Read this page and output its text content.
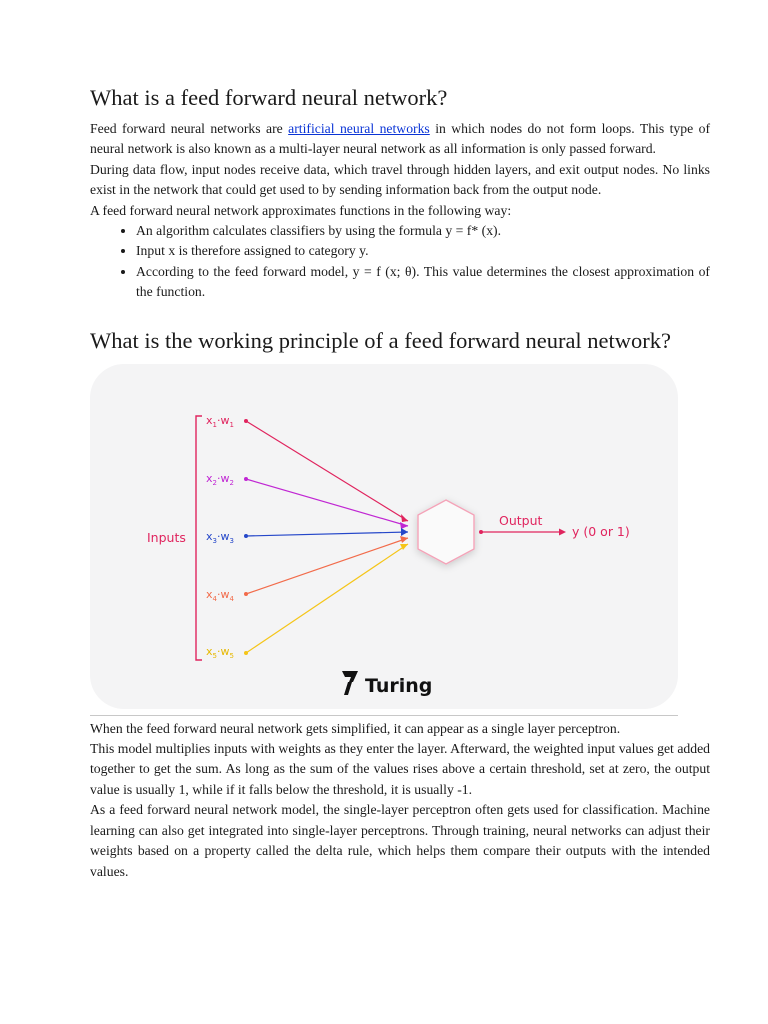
What is a feed forward neural network?

Feed forward neural networks are artificial neural networks in which nodes do not form loops. This type of neural network is also known as a multi-layer neural network as all information is only passed forward.

During data flow, input nodes receive data, which travel through hidden layers, and exit output nodes. No links exist in the network that could get used to by sending information back from the output node.

A feed forward neural network approximates functions in the following way:

• An algorithm calculates classifiers by using the formula y = f* (x).
• Input x is therefore assigned to category y.
• According to the feed forward model, y = f (x; θ). This value determines the closest approximation of the function.
What is the working principle of a feed forward neural network?
Inputs
$x_1\cdot w_1$
$x_2\cdot w_2$
$x_3\cdot w_3$
$x_4\cdot w_4$
$x_5\cdot w_5$
Output
y (0 or 1)
Turing

When the feed forward neural network gets simplified, it can appear as a single layer perceptron.

This model multiplies inputs with weights as they enter the layer. Afterward, the weighted input values get added together to get the sum. As long as the sum of the values rises above a certain threshold, set at zero, the output value is usually 1, while if it falls below the threshold, it is usually -1.

As a feed forward neural network model, the single-layer perceptron often gets used for classification. Machine learning can also get integrated into single-layer perceptrons. Through training, neural networks can adjust their weights based on a property called the delta rule, which helps them compare their outputs with the intended values.
